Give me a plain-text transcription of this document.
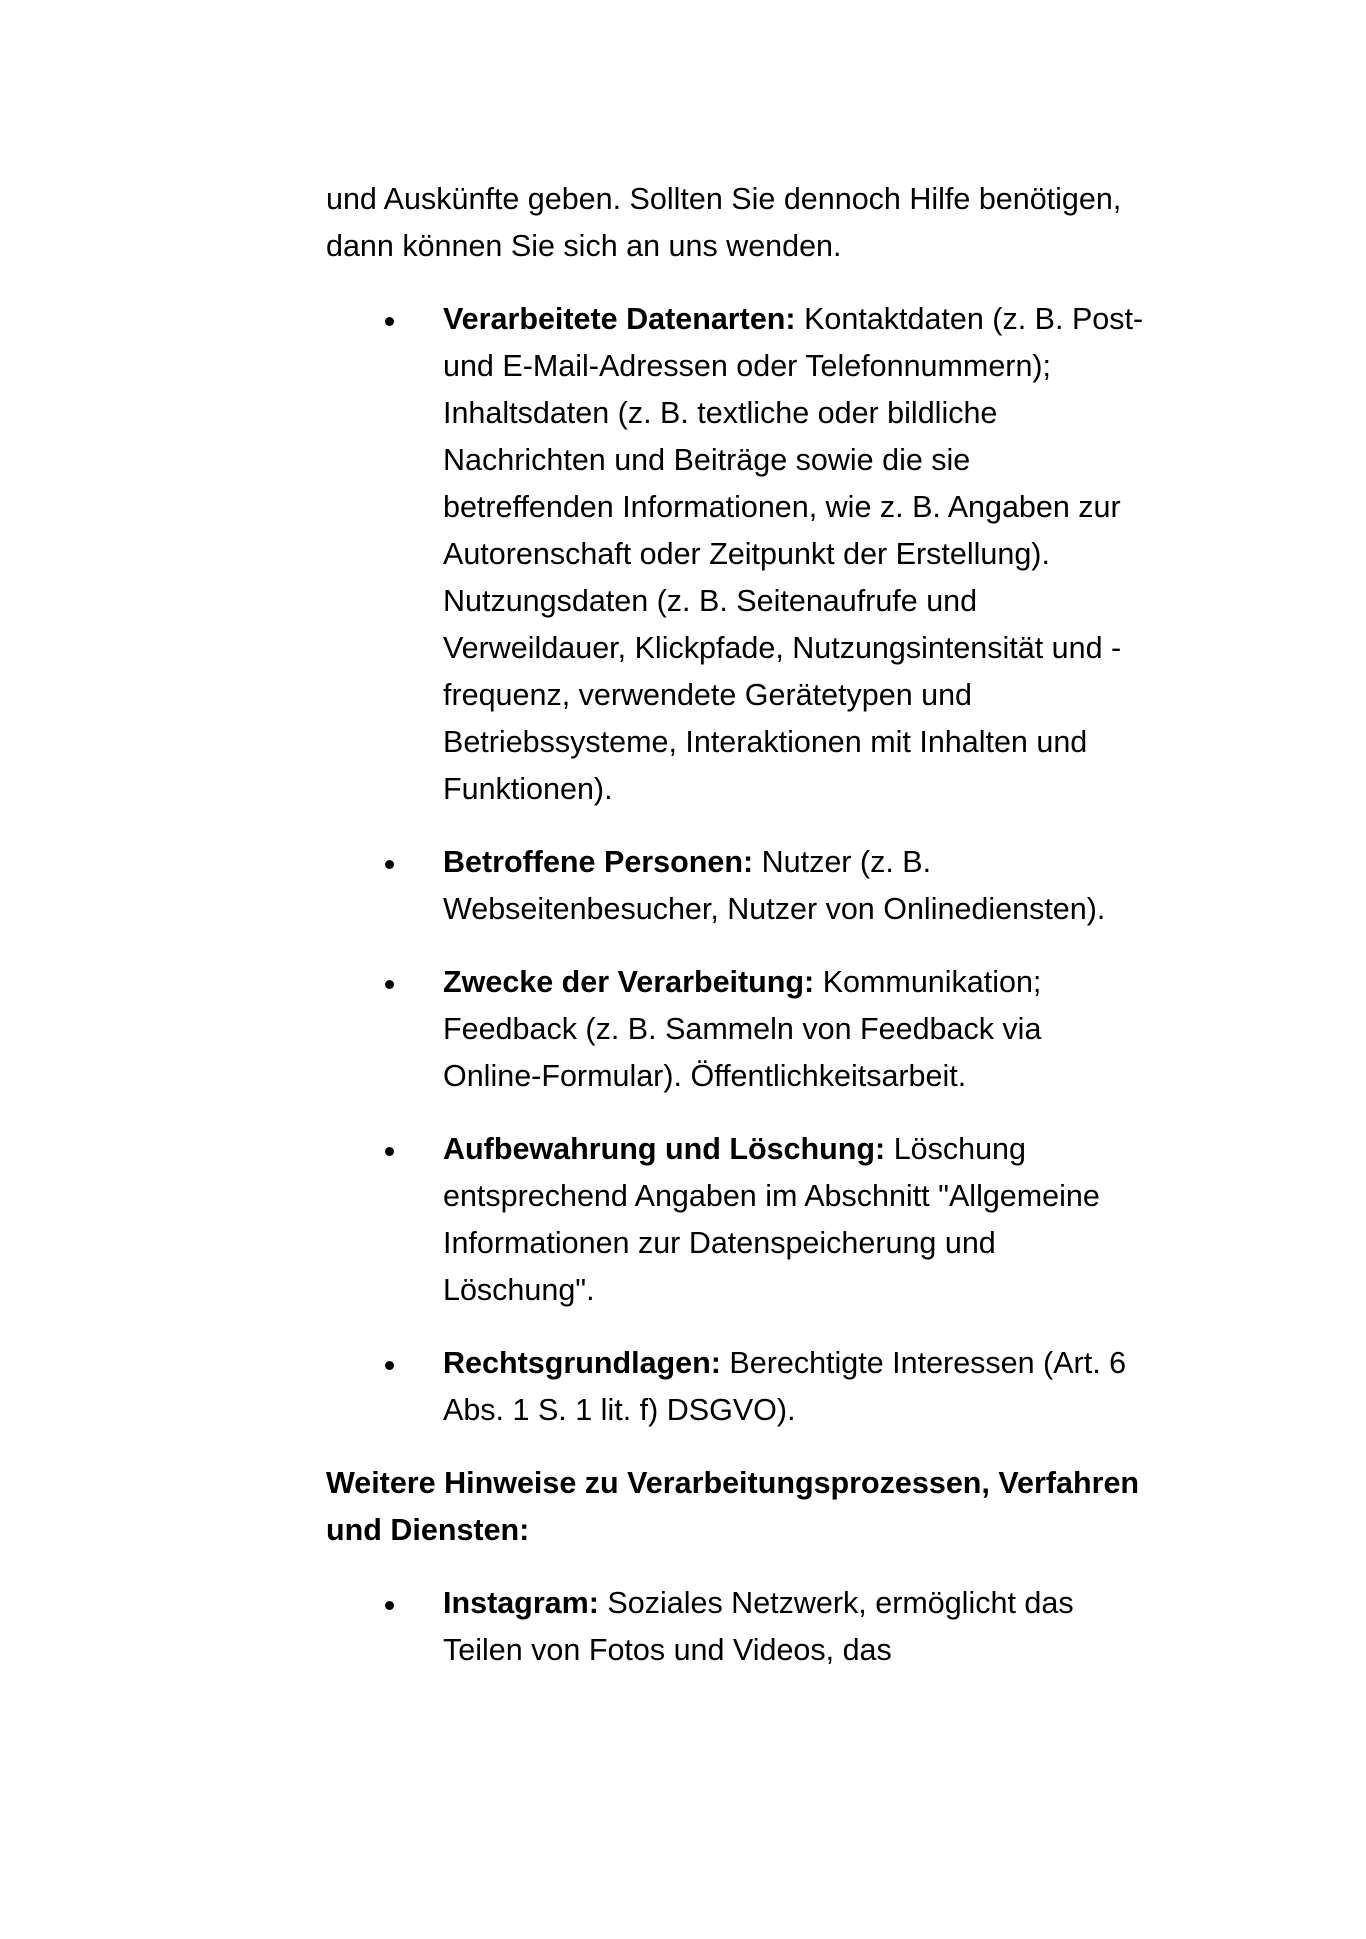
und Auskünfte geben. Sollten Sie dennoch Hilfe benötigen, dann können Sie sich an uns wenden.

Verarbeitete Datenarten: Kontaktdaten (z. B. Post- und E-Mail-Adressen oder Telefonnummern); Inhaltsdaten (z. B. textliche oder bildliche Nachrichten und Beiträge sowie die sie betreffenden Informationen, wie z. B. Angaben zur Autorenschaft oder Zeitpunkt der Erstellung). Nutzungsdaten (z. B. Seitenaufrufe und Verweildauer, Klickpfade, Nutzungsintensität und -frequenz, verwendete Gerätetypen und Betriebssysteme, Interaktionen mit Inhalten und Funktionen).
Betroffene Personen: Nutzer (z. B. Webseitenbesucher, Nutzer von Onlinediensten).
Zwecke der Verarbeitung: Kommunikation; Feedback (z. B. Sammeln von Feedback via Online-Formular). Öffentlichkeitsarbeit.
Aufbewahrung und Löschung: Löschung entsprechend Angaben im Abschnitt "Allgemeine Informationen zur Datenspeicherung und Löschung".
Rechtsgrundlagen: Berechtigte Interessen (Art. 6 Abs. 1 S. 1 lit. f) DSGVO).

Weitere Hinweise zu Verarbeitungsprozessen, Verfahren und Diensten:

Instagram: Soziales Netzwerk, ermöglicht das Teilen von Fotos und Videos, das
